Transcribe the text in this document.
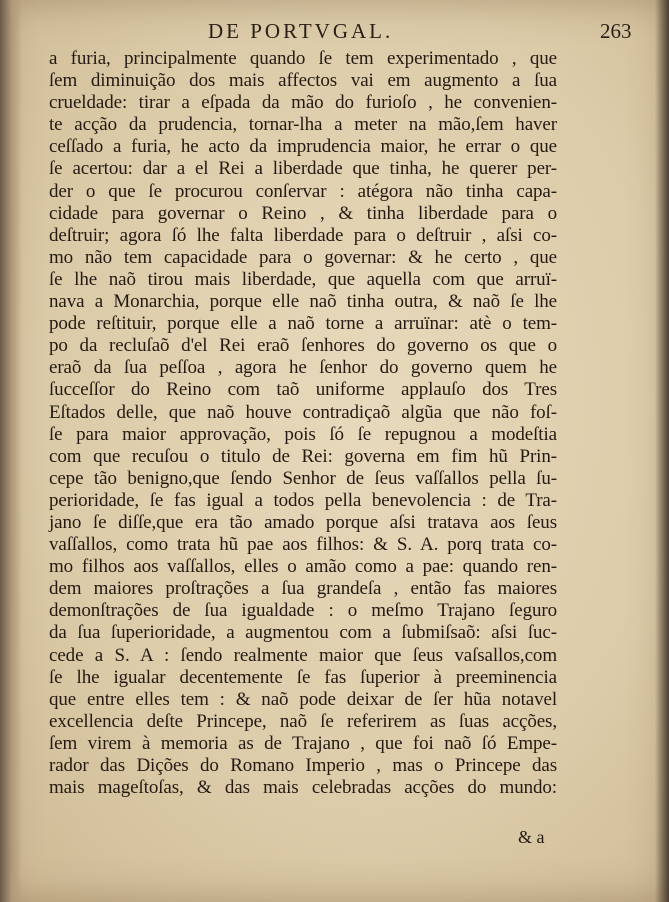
DE PORTVGAL.	263
a furia, principalmente quando ſe tem experimentado , que
ſem diminuição dos mais affectos vai em augmento a ſua
crueldade: tirar a eſpada da mão do furioſo , he convenien-
te acção da prudencia, tornar-lha a meter na mão,ſem haver
ceſſado a furia, he acto da imprudencia maior, he errar o que
ſe acertou: dar a el Rei a liberdade que tinha, he querer per-
der o que ſe procurou conſervar : atégora não tinha capa-
cidade para governar o Reino , & tinha liberdade para o
deſtruir; agora ſó lhe falta liberdade para o deſtruir , aſsi co-
mo não tem capacidade para o governar: & he certo , que
ſe lhe naõ tirou mais liberdade, que aquella com que arruï-
nava a Monarchia, porque elle naõ tinha outra, & naõ ſe lhe
pode reſtituir, porque elle a naõ torne a arruïnar: atè o tem-
po da recluſaõ d'el Rei eraõ ſenhores do governo os que o
eraõ da ſua peſſoa , agora he ſenhor do governo quem he
ſucceſſor do Reino com taõ uniforme applauſo dos Tres
Eſtados delle, que naõ houve contradiçaõ algũa que não foſ-
ſe para maior approvação, pois ſó ſe repugnou a modeſtia
com que recuſou o titulo de Rei: governa em fim hũ Prin-
cepe tão benigno,que ſendo Senhor de ſeus vaſſallos pella ſu-
perioridade, ſe fas igual a todos pella benevolencia : de Tra-
jano ſe diſſe,que era tão amado porque aſsi tratava aos ſeus
vaſſallos, como trata hũ pae aos filhos: & S. A. porq trata co-
mo filhos aos vaſſallos, elles o amão como a pae: quando ren-
dem maiores proſtrações a ſua grandeſa , então fas maiores
demonſtrações de ſua igualdade : o meſmo Trajano ſeguro
da ſua ſuperioridade, a augmentou com a ſubmiſsaõ: aſsi ſuc-
cede a S. A : ſendo realmente maior que ſeus vaſsallos,com
ſe lhe igualar decentemente ſe fas ſuperior à preeminencia
que entre elles tem : & naõ pode deixar de ſer hũa notavel
excellencia deſte Princepe, naõ ſe referirem as ſuas acções,
ſem virem à memoria as de Trajano , que foi naõ ſó Empe-
rador das Dições do Romano Imperio , mas o Princepe das
mais mageſtoſas, & das mais celebradas acções do mundo:
& a
